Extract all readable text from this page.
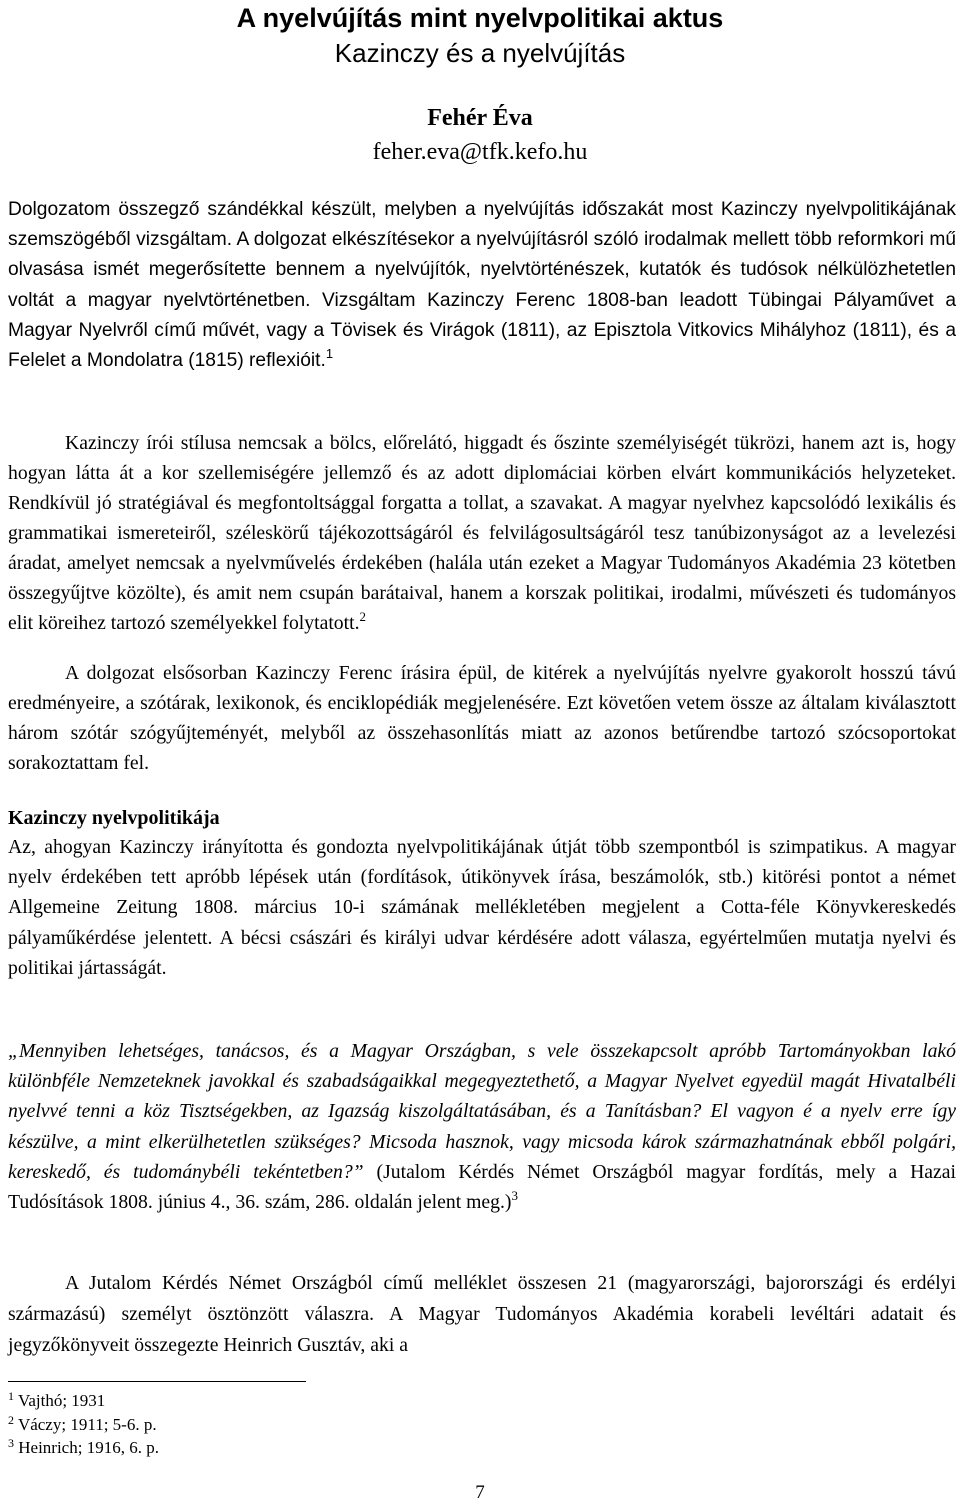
A nyelvújítás mint nyelvpolitikai aktus
Kazinczy és a nyelvújítás
Fehér Éva
feher.eva@tfk.kefo.hu
Dolgozatom összegző szándékkal készült, melyben a nyelvújítás időszakát most Kazinczy nyelvpolitikájának szemszögéből vizsgáltam. A dolgozat elkészítésekor a nyelvújításról szóló irodalmak mellett több reformkori mű olvasása ismét megerősítette bennem a nyelvújítók, nyelvtörténészek, kutatók és tudósok nélkülözhetetlen voltát a magyar nyelvtörténetben. Vizsgáltam Kazinczy Ferenc 1808-ban leadott Tübingai Pályaművet a Magyar Nyelvről című művét, vagy a Tövisek és Virágok (1811), az Episztola Vitkovics Mihályhoz (1811), és a Felelet a Mondolatra (1815) reflexióit.$^1$
Kazinczy írói stílusa nemcsak a bölcs, előrelátó, higgadt és őszinte személyiségét tükrözi, hanem azt is, hogy hogyan látta át a kor szellemiségére jellemző és az adott diplomáciai körben elvárt kommunikációs helyzeteket. Rendkívül jó stratégiával és megfontoltsággal forgatta a tollat, a szavakat. A magyar nyelvhez kapcsolódó lexikális és grammatikai ismereteiről, széleskörű tájékozottságáról és felvilágosultságáról tesz tanúbizonyságot az a levelezési áradat, amelyet nemcsak a nyelvművelés érdekében (halála után ezeket a Magyar Tudományos Akadémia 23 kötetben összegyűjtve közölte), és amit nem csupán barátaival, hanem a korszak politikai, irodalmi, művészeti és tudományos elit köreihez tartozó személyekkel folytatott.$^2$
A dolgozat elsősorban Kazinczy Ferenc írásira épül, de kitérek a nyelvújítás nyelvre gyakorolt hosszú távú eredményeire, a szótárak, lexikonok, és enciklopédiák megjelenésére. Ezt követően vetem össze az általam kiválasztott három szótár szógyűjteményét, melyből az összehasonlítás miatt az azonos betűrendbe tartozó szócsoportokat sorakoztattam fel.
Kazinczy nyelvpolitikája
Az, ahogyan Kazinczy irányította és gondozta nyelvpolitikájának útját több szempontból is szimpatikus. A magyar nyelv érdekében tett apróbb lépések után (fordítások, útikönyvek írása, beszámolók, stb.) kitörési pontot a német Allgemeine Zeitung 1808. március 10-i számának mellékletében megjelent a Cotta-féle Könyvkereskedés pályaműkérdése jelentett. A bécsi császári és királyi udvar kérdésére adott válasza, egyértelműen mutatja nyelvi és politikai jártasságát.
„Mennyiben lehetséges, tanácsos, és a Magyar Országban, s vele összekapcsolt apróbb Tartományokban lakó különbféle Nemzeteknek javokkal és szabadságaikkal megegyeztethető, a Magyar Nyelvet egyedül magát Hivatalbéli nyelvvé tenni a köz Tisztségekben, az Igazság kiszolgáltatásában, és a Tanításban? El vagyon é a nyelv erre így készülve, a mint elkerülhetetlen szükséges? Micsoda hasznok, vagy micsoda károk származhatnának ebből polgári, kereskedő, és tudománybéli tekéntetben?” (Jutalom Kérdés Német Országból magyar fordítás, mely a Hazai Tudósítások 1808. június 4., 36. szám, 286. oldalán jelent meg.)$^3$
A Jutalom Kérdés Német Országból című melléklet összesen 21 (magyarországi, bajorországi és erdélyi származású) személyt ösztönzött válaszra. A Magyar Tudományos Akadémia korabeli levéltári adatait és jegyzőkönyveit összegezte Heinrich Gusztáv, aki a
$^1$ Vajthó; 1931
$^2$ Váczy; 1911; 5-6. p.
$^3$ Heinrich; 1916, 6. p.
7
